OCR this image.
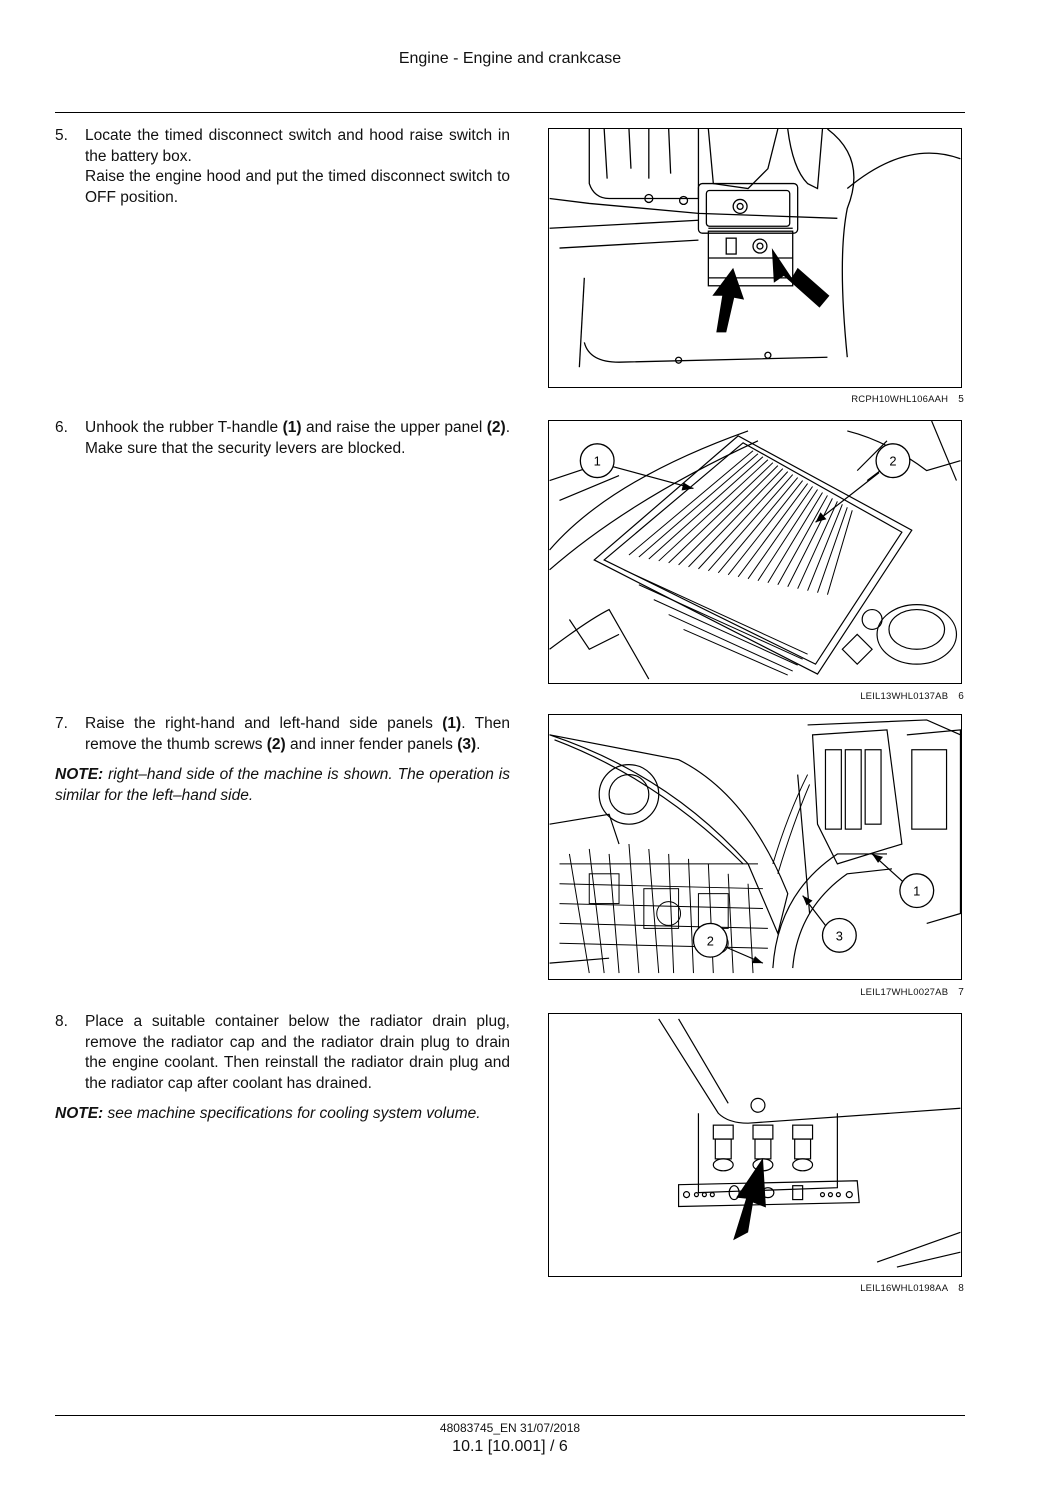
Engine - Engine and crankcase
5.	Locate the timed disconnect switch and hood raise switch in the battery box.

Raise the engine hood and put the timed disconnect switch to OFF position.

RCPH10WHL106AAH 5
6.	Unhook the rubber T-handle (1) and raise the upper panel (2). Make sure that the security levers are blocked.

1	2
LEIL13WHL0137AB 6
7.	Raise the right-hand and left-hand side panels (1). Then remove the thumb screws (2) and inner fender panels (3).

NOTE: right–hand side of the machine is shown. The operation is similar for the left–hand side.
1
3
2
LEIL17WHL0027AB 7
8.	Place a suitable container below the radiator drain plug, remove the radiator cap and the radiator drain plug to drain the engine coolant. Then reinstall the radiator drain plug and the radiator cap after coolant has drained.

NOTE: see machine specifications for cooling system volume.
LEIL16WHL0198AA 8
48083745_EN 31/07/2018
10.1 [10.001] / 6
